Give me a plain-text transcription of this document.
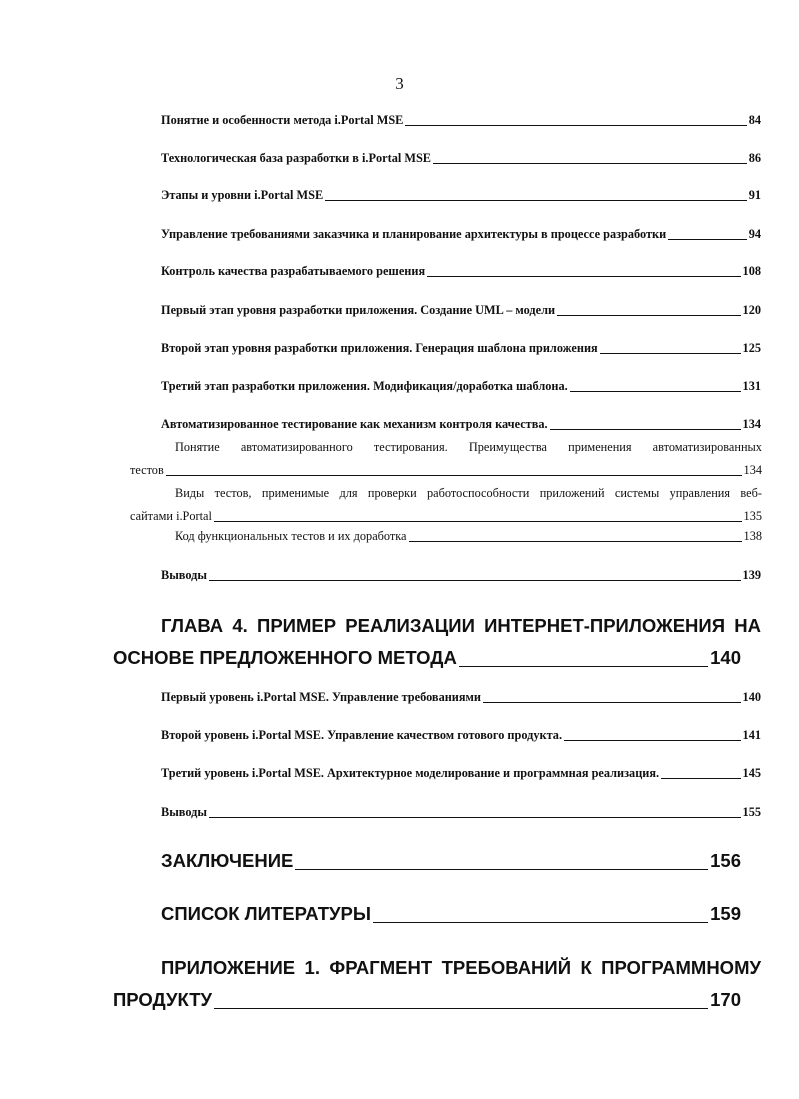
3
Понятие и особенности метода i.Portal MSE	84
Технологическая база разработки в i.Portal MSE	86
Этапы и уровни i.Portal MSE	91
Управление требованиями заказчика и планирование архитектуры в процессе разработки	94
Контроль качества разрабатываемого решения	108
Первый этап уровня разработки приложения. Создание UML – модели	120
Второй этап уровня разработки приложения. Генерация шаблона приложения	125
Третий этап разработки приложения. Модификация/доработка шаблона.	131
Автоматизированное тестирование как механизм контроля качества.	134
Понятие автоматизированного тестирования. Преимущества применения автоматизированных
тестов	134
Виды тестов, применимые для проверки работоспособности приложений системы управления веб-
сайтами i.Portal	135
Код функциональных тестов и их доработка	138
Выводы	139
ГЛАВА 4. ПРИМЕР РЕАЛИЗАЦИИ ИНТЕРНЕТ-ПРИЛОЖЕНИЯ НА
ОСНОВЕ ПРЕДЛОЖЕННОГО МЕТОДА	140
Первый уровень i.Portal MSE. Управление требованиями	140
Второй уровень i.Portal MSE. Управление качеством готового продукта.	141
Третий уровень i.Portal MSE. Архитектурное моделирование и программная реализация.	145
Выводы	155
ЗАКЛЮЧЕНИЕ	156
СПИСОК ЛИТЕРАТУРЫ	159
ПРИЛОЖЕНИЕ 1. ФРАГМЕНТ ТРЕБОВАНИЙ К ПРОГРАММНОМУ
ПРОДУКТУ	170
